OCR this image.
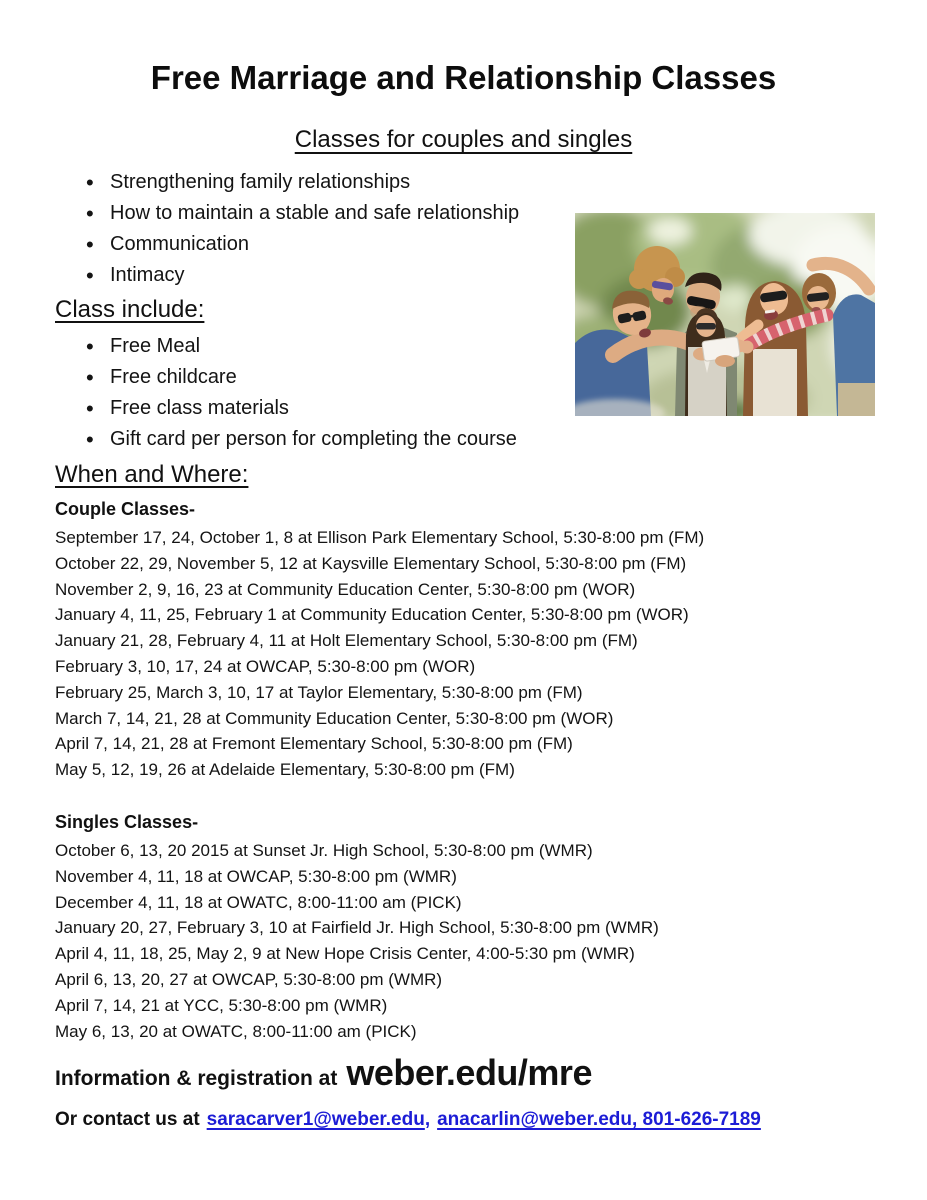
Free Marriage and Relationship Classes
Classes for couples and singles
• Strengthening family relationships
• How to maintain a stable and safe relationship
• Communication
• Intimacy
Class include:
• Free Meal
• Free childcare
• Free class materials
• Gift card per person for completing the course
When and Where:
Couple Classes-
September 17, 24, October 1, 8 at Ellison Park Elementary School, 5:30-8:00 pm (FM)
October 22, 29, November 5, 12 at Kaysville Elementary School, 5:30-8:00 pm (FM)
November 2, 9, 16, 23 at Community Education Center, 5:30-8:00 pm (WOR)
January 4, 11, 25, February 1 at Community Education Center, 5:30-8:00 pm (WOR)
January 21, 28, February 4, 11 at Holt Elementary School, 5:30-8:00 pm (FM)
February 3, 10, 17, 24 at OWCAP, 5:30-8:00 pm (WOR)
February 25, March 3, 10, 17 at Taylor Elementary, 5:30-8:00 pm (FM)
March 7, 14, 21, 28 at Community Education Center, 5:30-8:00 pm (WOR)
April 7, 14, 21, 28 at Fremont Elementary School, 5:30-8:00 pm (FM)
May 5, 12, 19, 26 at Adelaide Elementary, 5:30-8:00 pm (FM)
Singles Classes-
October 6, 13, 20 2015 at Sunset Jr. High School, 5:30-8:00 pm (WMR)
November 4, 11, 18 at OWCAP, 5:30-8:00 pm (WMR)
December 4, 11, 18 at OWATC, 8:00-11:00 am (PICK)
January 20, 27, February 3, 10 at Fairfield Jr. High School, 5:30-8:00 pm (WMR)
April 4, 11, 18, 25, May 2, 9 at New Hope Crisis Center, 4:00-5:30 pm (WMR)
April 6, 13, 20, 27 at OWCAP, 5:30-8:00 pm (WMR)
April 7, 14, 21 at YCC, 5:30-8:00 pm (WMR)
May 6, 13, 20 at OWATC, 8:00-11:00 am (PICK)

Information & registration at weber.edu/mre

Or contact us at saracarver1@weber.edu, anacarlin@weber.edu, 801-626-7189
